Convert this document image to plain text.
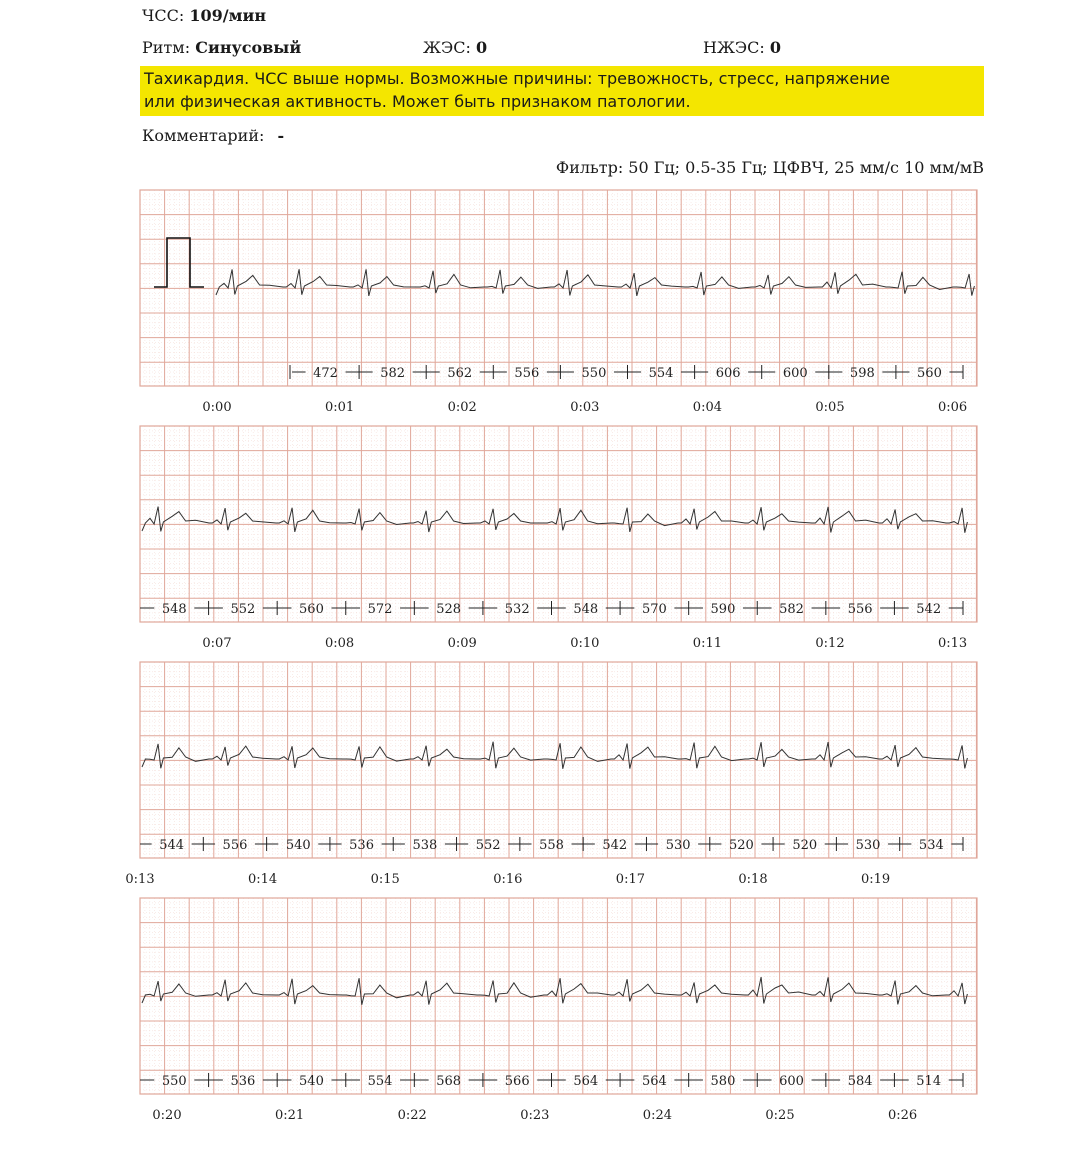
ЧСС: 109/мин
Ритм: Синусовый	ЖЭС: 0	НЖЭС: 0
Тахикардия. ЧСС выше нормы. Возможные причины: тревожность, стресс, напряжение
или физическая активность. Может быть признаком патологии.
Комментарий: -
Фильтр: 50 Гц; 0.5-35 Гц; ЦФВЧ, 25 мм/с 10 мм/мВ
472	582	562	556	550	554	606	600	598	560
0:00	0:01	0:02	0:03	0:04	0:05	0:06
548	552	560	572	528	532	548	570	590	582	556	542
0:07	0:08	0:09	0:10	0:11	0:12	0:13
544	556	540	536	538	552	558	542	530	520	520	530	534
0:13	0:14	0:15	0:16	0:17	0:18	0:19
550	536	540	554	568	566	564	564	580	600	584	514
0:20	0:21	0:22	0:23	0:24	0:25	0:26
